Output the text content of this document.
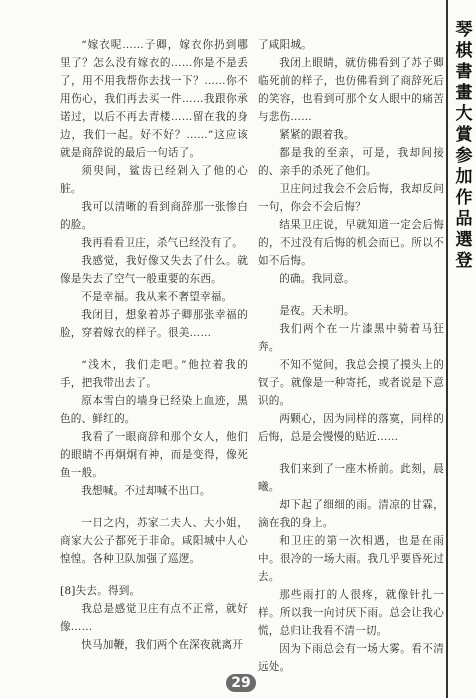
“嫁衣呢……子卿，嫁衣你扔到哪里了？怎么没有嫁衣的……你是不是丢了，用不用我帮你去找一下？……你不用伤心，我们再去买一件……我跟你承诺过，以后不再去青楼……留在我的身边，我们一起。好不好？……”这应该就是商辞说的最后一句话了。

须臾间，鲨齿已经剁入了他的心脏。

我可以清晰的看到商辞那一张惨白的脸。

我再看看卫庄，杀气已经没有了。

我感觉，我好像又失去了什么。就像是失去了空气一般重要的东西。

不是幸福。我从来不奢望幸福。

我闭目，想象着苏子卿那张幸福的脸，穿着嫁衣的样子。很美……

“浅木，我们走吧。”他拉着我的手，把我带出去了。

原本雪白的墙身已经染上血迹，黑色的、鲜红的。

我看了一眼商辞和那个女人，他们的眼睛不再炯炯有神，而是变得，像死鱼一般。

我想喊。不过却喊不出口。

一日之内，苏家二夫人、大小姐，商家大公子都死于非命。咸阳城中人心惶惶。各种卫队加强了巡逻。

[8]失去。得到。

我总是感觉卫庄有点不正常，就好像……

快马加鞭，我们两个在深夜就离开

了咸阳城。

我闭上眼睛，就仿佛看到了苏子卿临死前的样子，也仿佛看到了商辞死后的笑容，也看到可那个女人眼中的痛苦与悲伤……

紧紧的跟着我。

都是我的至亲，可是，我却间接的、亲手的杀死了他们。

卫庄问过我会不会后悔，我却反问一句，你会不会后悔？

结果卫庄说，早就知道一定会后悔的，不过没有后悔的机会而已。所以不如不后悔。

的确。我同意。

是夜。天未明。

我们两个在一片漆黑中骑着马狂奔。

不知不觉间，我总会摸了摸头上的钗子。就像是一种寄托，或者说是下意识的。

两颗心，因为同样的落寞，同样的后悔，总是会慢慢的贴近……

我们来到了一座木桥前。此刻，晨曦。

却下起了细细的雨。清凉的甘霖，滴在我的身上。

和卫庄的第一次相遇，也是在雨中。很冷的一场大雨。我几乎要昏死过去。

那些雨打的人很疼，就像针扎一样。所以我一向讨厌下雨。总会让我心慌，总归让我看不清一切。

因为下雨总会有一场大雾。看不清远处。

琴棋書畫大賞参加作品選登
29
